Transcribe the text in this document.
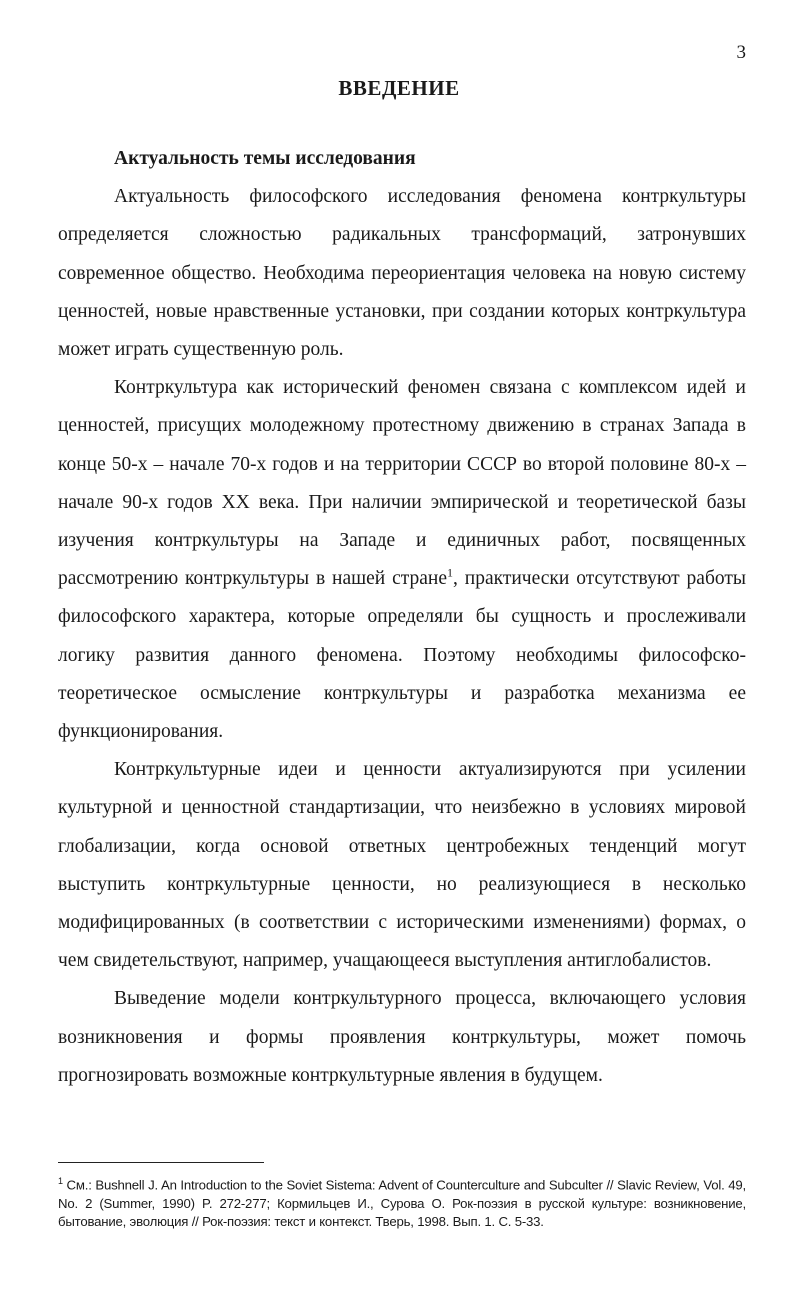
3
ВВЕДЕНИЕ

Актуальность темы исследования

Актуальность философского исследования феномена контркультуры определяется сложностью радикальных трансформаций, затронувших современное общество. Необходима переориентация человека на новую систему ценностей, новые нравственные установки, при создании которых контркультура может играть существенную роль.

Контркультура как исторический феномен связана с комплексом идей и ценностей, присущих молодежному протестному движению в странах Запада в конце 50-х – начале 70-х годов и на территории СССР во второй половине 80-х – начале 90-х годов XX века. При наличии эмпирической и теоретической базы изучения контркультуры на Западе и единичных работ, посвященных рассмотрению контркультуры в нашей стране$^1$, практически отсутствуют работы философского характера, которые определяли бы сущность и прослеживали логику развития данного феномена. Поэтому необходимы философско-теоретическое осмысление контркультуры и разработка механизма ее функционирования.

Контркультурные идеи и ценности актуализируются при усилении культурной и ценностной стандартизации, что неизбежно в условиях мировой глобализации, когда основой ответных центробежных тенденций могут выступить контркультурные ценности, но реализующиеся в несколько модифицированных (в соответствии с историческими изменениями) формах, о чем свидетельствуют, например, учащающееся выступления антиглобалистов.

Выведение модели контркультурного процесса, включающего условия возникновения и формы проявления контркультуры, может помочь прогнозировать возможные контркультурные явления в будущем.

$^1$ См.: Bushnell J. An Introduction to the Soviet Sistema: Advent of Counterculture and Subculter // Slavic Review, Vol. 49, No. 2 (Summer, 1990) P. 272-277; Кормильцев И., Сурова О. Рок-поэзия в русской культуре: возникновение, бытование, эволюция // Рок-поэзия: текст и контекст. Тверь, 1998. Вып. 1. С. 5-33.
